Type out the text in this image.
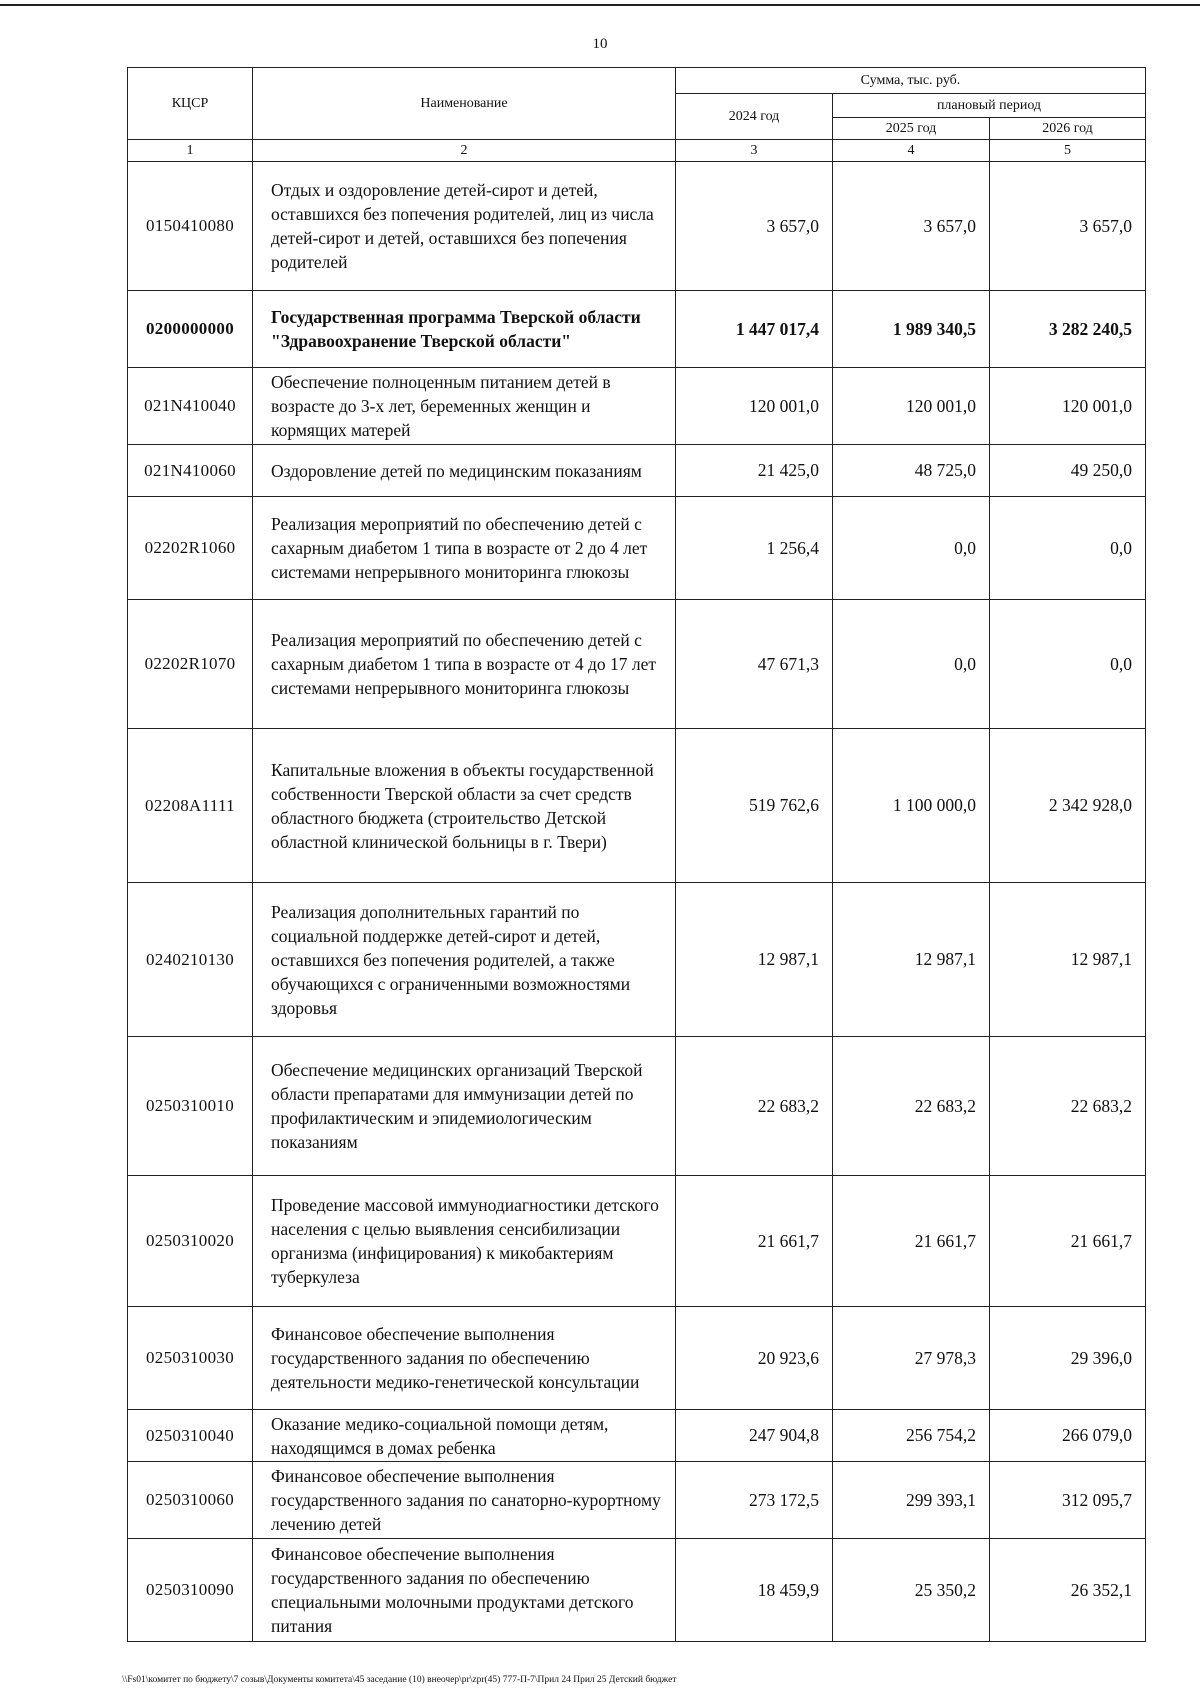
10
КЦСР	Наименование	Сумма, тыс. руб.		
		2024 год	плановый период	
			2025 год	2026 год
1	2	3	4	5
0150410080	Отдых и оздоровление детей-сирот и детей, оставшихся без попечения родителей, лиц из числа детей-сирот и детей, оставшихся без попечения родителей	3 657,0	3 657,0	3 657,0
0200000000	Государственная программа Тверской области "Здравоохранение Тверской области"	1 447 017,4	1 989 340,5	3 282 240,5
021N410040	Обеспечение полноценным питанием детей в возрасте до 3-х лет, беременных женщин и кормящих матерей	120 001,0	120 001,0	120 001,0
021N410060	Оздоровление детей по медицинским показаниям	21 425,0	48 725,0	49 250,0
02202R1060	Реализация мероприятий по обеспечению детей с сахарным диабетом 1 типа в возрасте от 2 до 4 лет системами непрерывного мониторинга глюкозы	1 256,4	0,0	0,0
02202R1070	Реализация мероприятий по обеспечению детей с сахарным диабетом 1 типа в возрасте от 4 до 17 лет системами непрерывного мониторинга глюкозы	47 671,3	0,0	0,0
02208A1111	Капитальные вложения в объекты государственной собственности Тверской области за счет средств областного бюджета (строительство Детской областной клинической больницы в г. Твери)	519 762,6	1 100 000,0	2 342 928,0
0240210130	Реализация дополнительных гарантий по социальной поддержке детей-сирот и детей, оставшихся без попечения родителей, а также обучающихся с ограниченными возможностями здоровья	12 987,1	12 987,1	12 987,1
0250310010	Обеспечение медицинских организаций Тверской области препаратами для иммунизации детей по профилактическим и эпидемиологическим показаниям	22 683,2	22 683,2	22 683,2
0250310020	Проведение массовой иммунодиагностики детского населения с целью выявления сенсибилизации организма (инфицирования) к микобактериям туберкулеза	21 661,7	21 661,7	21 661,7
0250310030	Финансовое обеспечение выполнения государственного задания по обеспечению деятельности медико-генетической консультации	20 923,6	27 978,3	29 396,0
0250310040	Оказание медико-социальной помощи детям, находящимся в домах ребенка	247 904,8	256 754,2	266 079,0
0250310060	Финансовое обеспечение выполнения государственного задания по санаторно-курортному лечению детей	273 172,5	299 393,1	312 095,7
0250310090	Финансовое обеспечение выполнения государственного задания по обеспечению специальными молочными продуктами детского питания	18 459,9	25 350,2	26 352,1
\\Fs01\комитет по бюджету\7 созыв\Документы комитета\45 заседание (10) внеочер\pr\zpr(45) 777-П-7\Прил 24 Прил 25 Детский бюджет
